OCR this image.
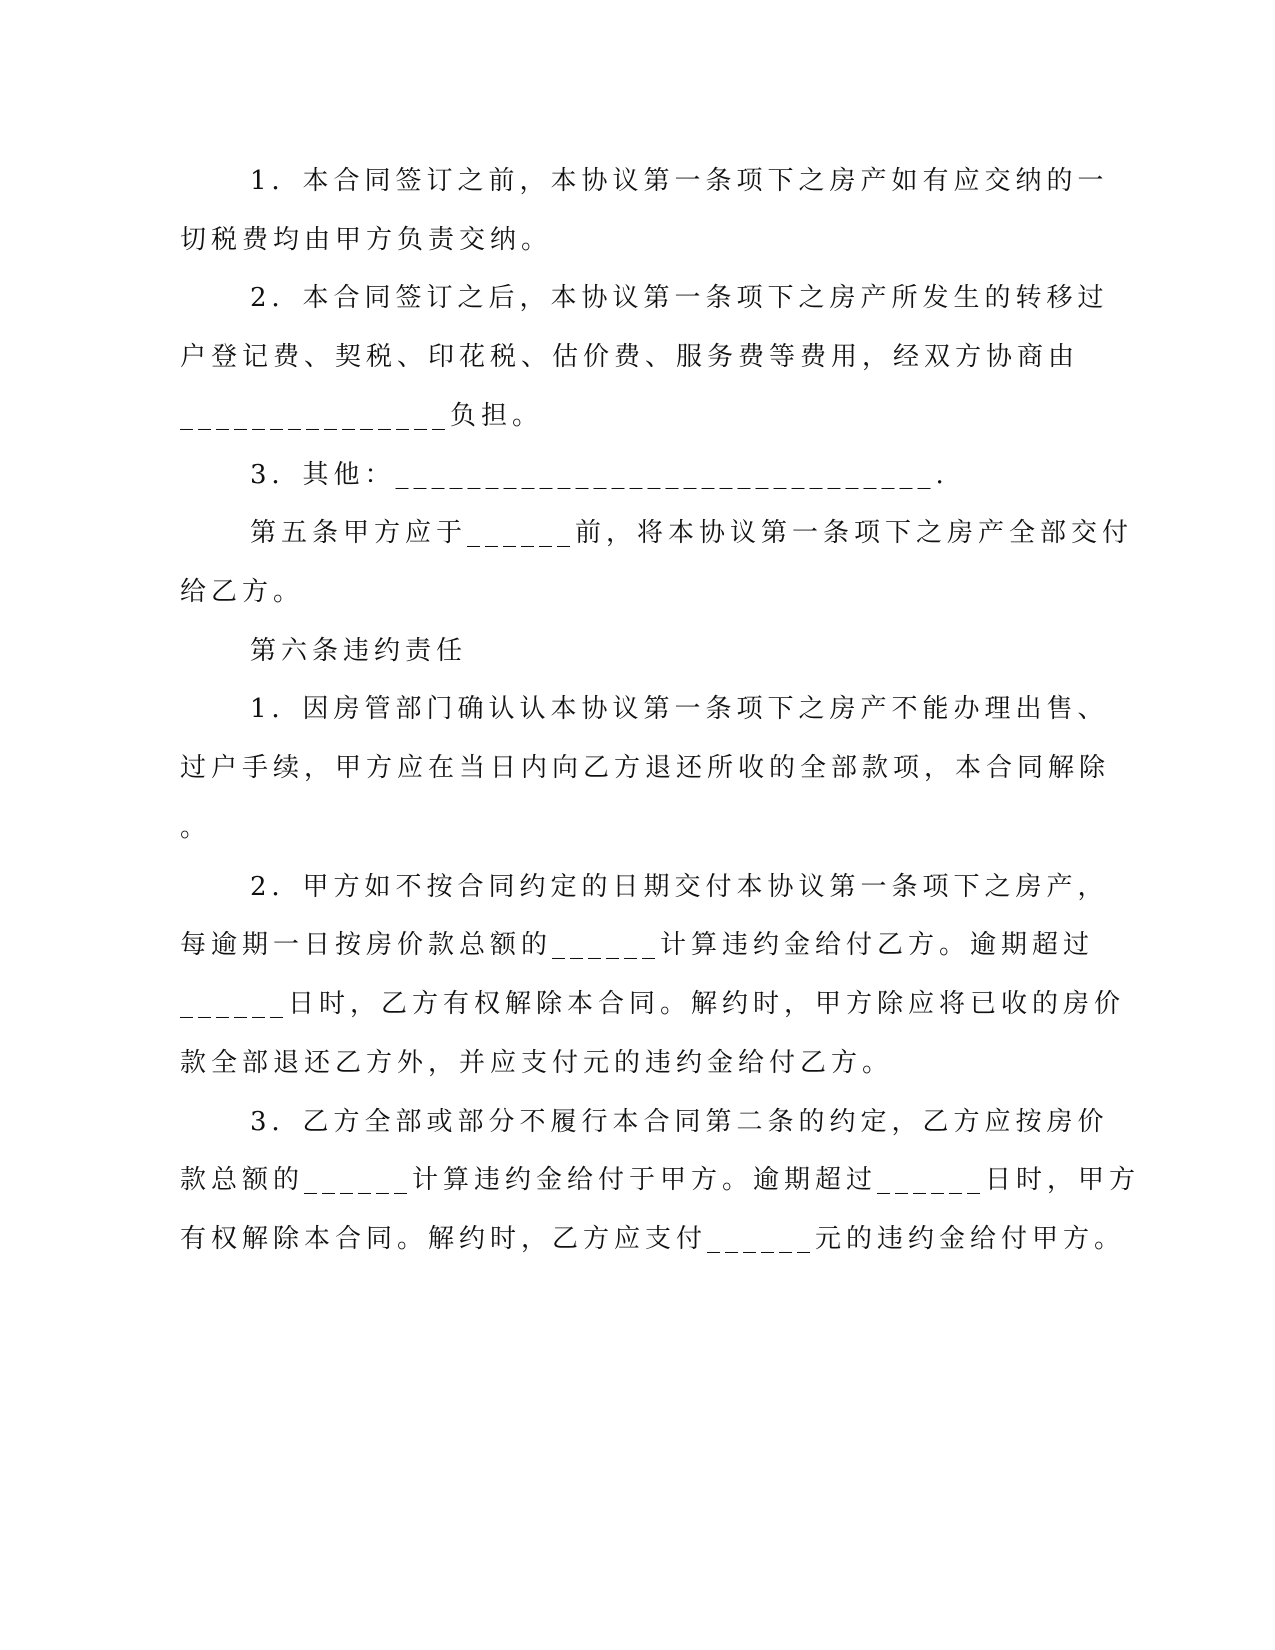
1．本合同签订之前，本协议第一条项下之房产如有应交纳的一
切税费均由甲方负责交纳。
2．本合同签订之后，本协议第一条项下之房产所发生的转移过
户登记费、契税、印花税、估价费、服务费等费用，经双方协商由
_______________负担。
3．其他：______________________________.
第五条甲方应于______前，将本协议第一条项下之房产全部交付
给乙方。
第六条违约责任
1．因房管部门确认认本协议第一条项下之房产不能办理出售、
过户手续，甲方应在当日内向乙方退还所收的全部款项，本合同解除
。
2．甲方如不按合同约定的日期交付本协议第一条项下之房产，
每逾期一日按房价款总额的______计算违约金给付乙方。逾期超过
______日时，乙方有权解除本合同。解约时，甲方除应将已收的房价
款全部退还乙方外，并应支付元的违约金给付乙方。
3．乙方全部或部分不履行本合同第二条的约定，乙方应按房价
款总额的______计算违约金给付于甲方。逾期超过______日时，甲方
有权解除本合同。解约时，乙方应支付______元的违约金给付甲方。
